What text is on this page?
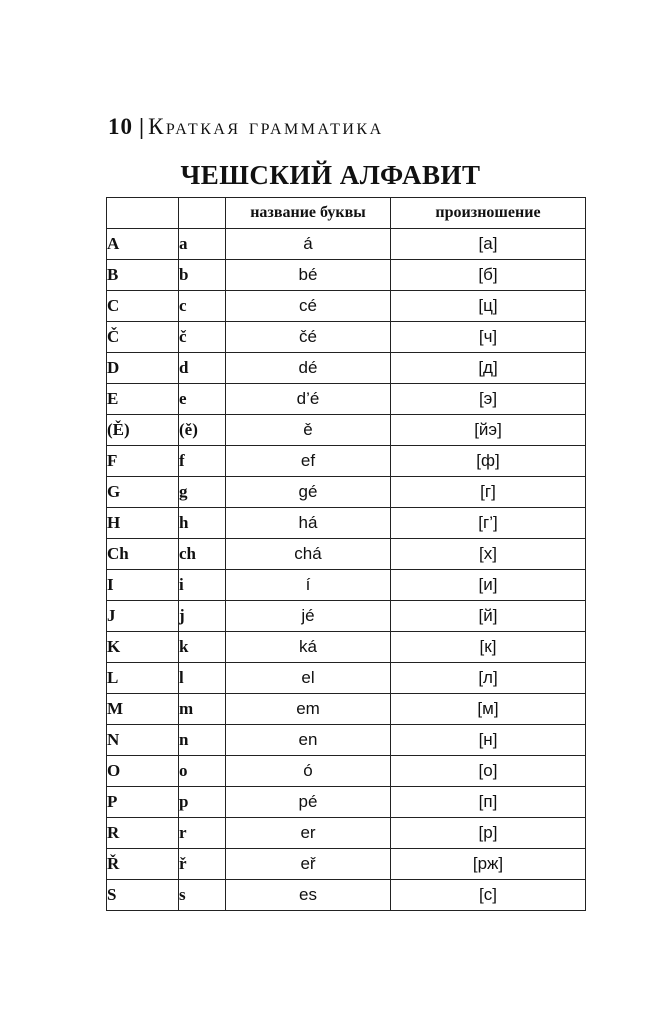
10 | Краткая грамматика
ЧЕШСКИЙ АЛФАВИТ
		название буквы	произношение
A	a	á	[а]
B	b	bé	[б]
C	c	cé	[ц]
Č	č	čé	[ч]
D	d	dé	[д]
E	e	d’é	[э]
(Ě)	(ě)	ě	[йэ]
F	f	ef	[ф]
G	g	gé	[г]
H	h	há	[г’]
Ch	ch	chá	[х]
I	i	í	[и]
J	j	jé	[й]
K	k	ká	[к]
L	l	el	[л]
M	m	em	[м]
N	n	en	[н]
O	o	ó	[о]
P	p	pé	[п]
R	r	er	[р]
Ř	ř	eř	[рж]
S	s	es	[с]
